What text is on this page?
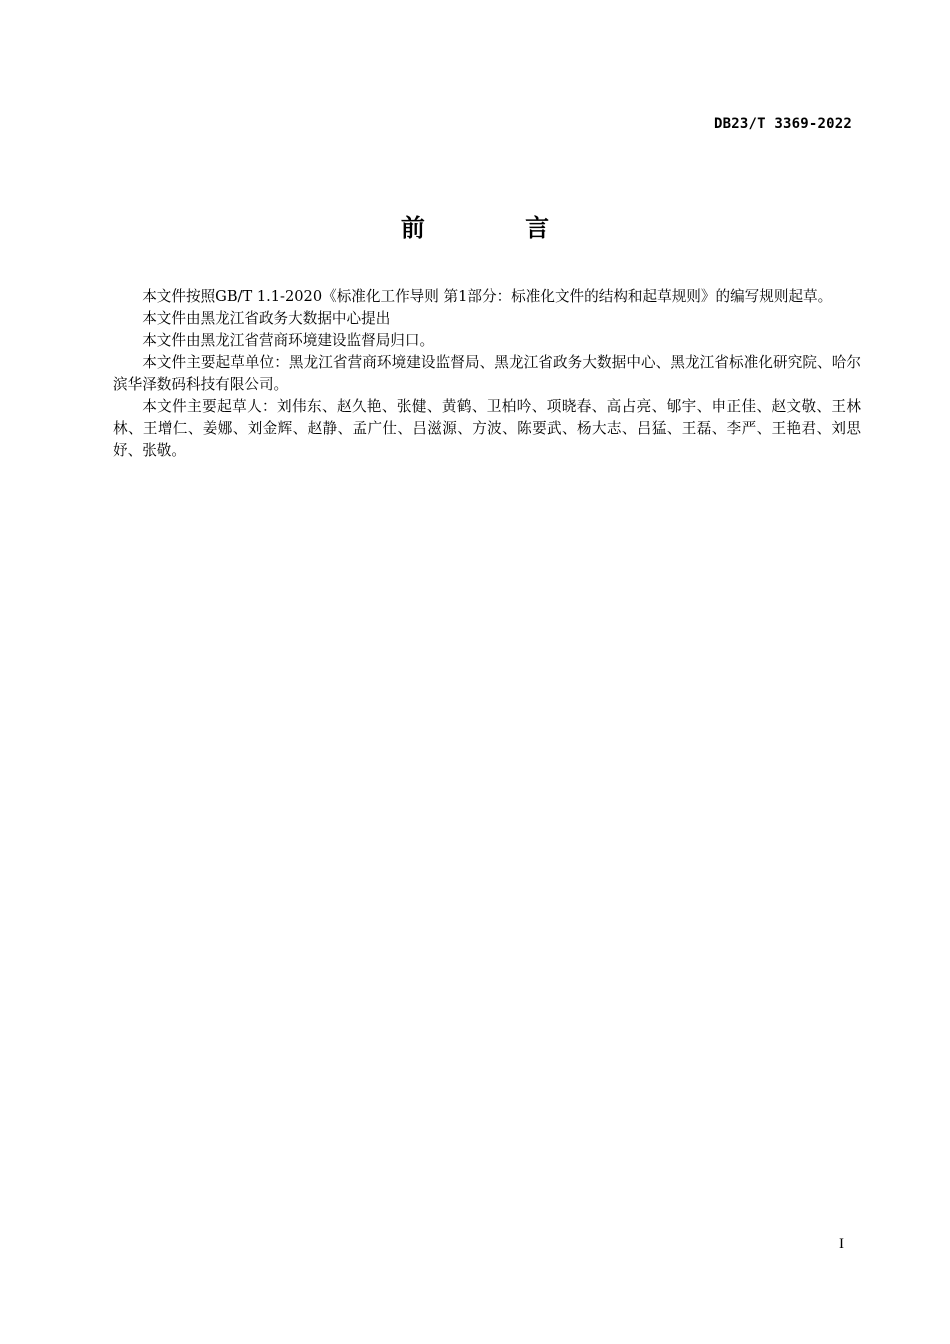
DB23/T 3369-2022
前 言

本文件按照GB/T 1.1-2020《标准化工作导则 第1部分：标准化文件的结构和起草规则》的编写规则起草。

本文件由黑龙江省政务大数据中心提出

本文件由黑龙江省营商环境建设监督局归口。

本文件主要起草单位：黑龙江省营商环境建设监督局、黑龙江省政务大数据中心、黑龙江省标准化研究院、哈尔滨华泽数码科技有限公司。

本文件主要起草人：刘伟东、赵久艳、张健、黄鹤、卫柏吟、项晓春、高占亮、郇宇、申正佳、赵文敬、王林林、王增仁、姜娜、刘金辉、赵静、孟广仕、吕滋源、方波、陈要武、杨大志、吕猛、王磊、李严、王艳君、刘思妤、张敬。

I
